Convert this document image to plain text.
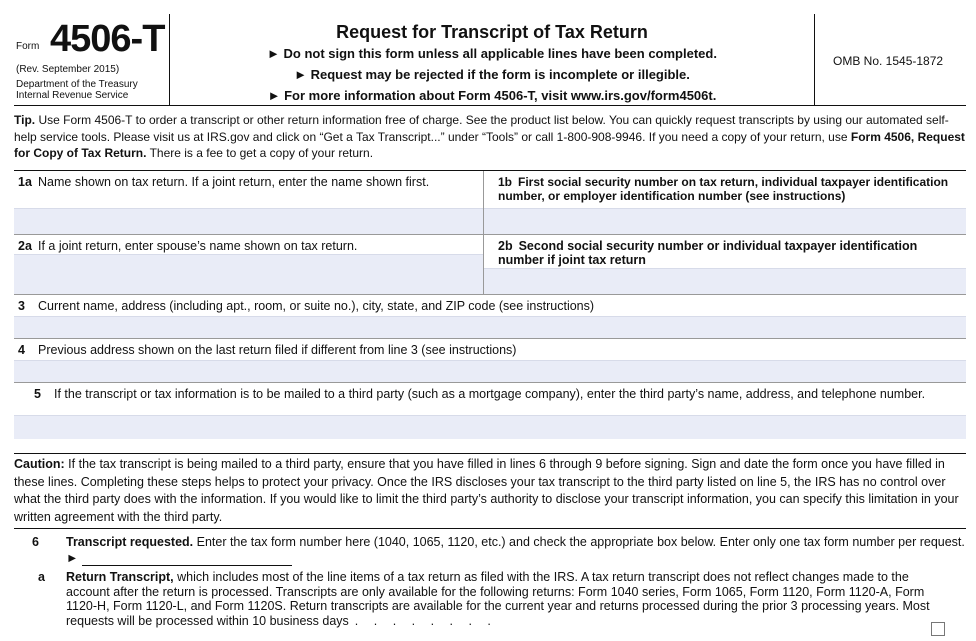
Form 4506-T
(Rev. September 2015)
Department of the Treasury
Internal Revenue Service
Request for Transcript of Tax Return
► Do not sign this form unless all applicable lines have been completed.
► Request may be rejected if the form is incomplete or illegible.
► For more information about Form 4506-T, visit www.irs.gov/form4506t.
OMB No. 1545-1872
Tip. Use Form 4506-T to order a transcript or other return information free of charge. See the product list below. You can quickly request transcripts by using our automated self-help service tools. Please visit us at IRS.gov and click on “Get a Tax Transcript...” under “Tools” or call 1-800-908-9946. If you need a copy of your return, use Form 4506, Request for Copy of Tax Return. There is a fee to get a copy of your return.
1a Name shown on tax return. If a joint return, enter the name shown first.	1b First social security number on tax return, individual taxpayer identification number, or employer identification number (see instructions)
2a If a joint return, enter spouse’s name shown on tax return.	2b Second social security number or individual taxpayer identification number if joint tax return
3 Current name, address (including apt., room, or suite no.), city, state, and ZIP code (see instructions)
4 Previous address shown on the last return filed if different from line 3 (see instructions)
5 If the transcript or tax information is to be mailed to a third party (such as a mortgage company), enter the third party’s name, address, and telephone number.
Caution: If the tax transcript is being mailed to a third party, ensure that you have filled in lines 6 through 9 before signing. Sign and date the form once you have filled in these lines. Completing these steps helps to protect your privacy. Once the IRS discloses your tax transcript to the third party listed on line 5, the IRS has no control over what the third party does with the information. If you would like to limit the third party’s authority to disclose your transcript information, you can specify this limitation in your written agreement with the third party.
6 Transcript requested. Enter the tax form number here (1040, 1065, 1120, etc.) and check the appropriate box below. Enter only one tax form number per request. ►
a Return Transcript, which includes most of the line items of a tax return as filed with the IRS. A tax return transcript does not reflect changes made to the account after the return is processed. Transcripts are only available for the following returns: Form 1040 series, Form 1065, Form 1120, Form 1120-A, Form 1120-H, Form 1120-L, and Form 1120S. Return transcripts are available for the current year and returns processed during the prior 3 processing years. Most requests will be processed within 10 business days . . . . . . . .
